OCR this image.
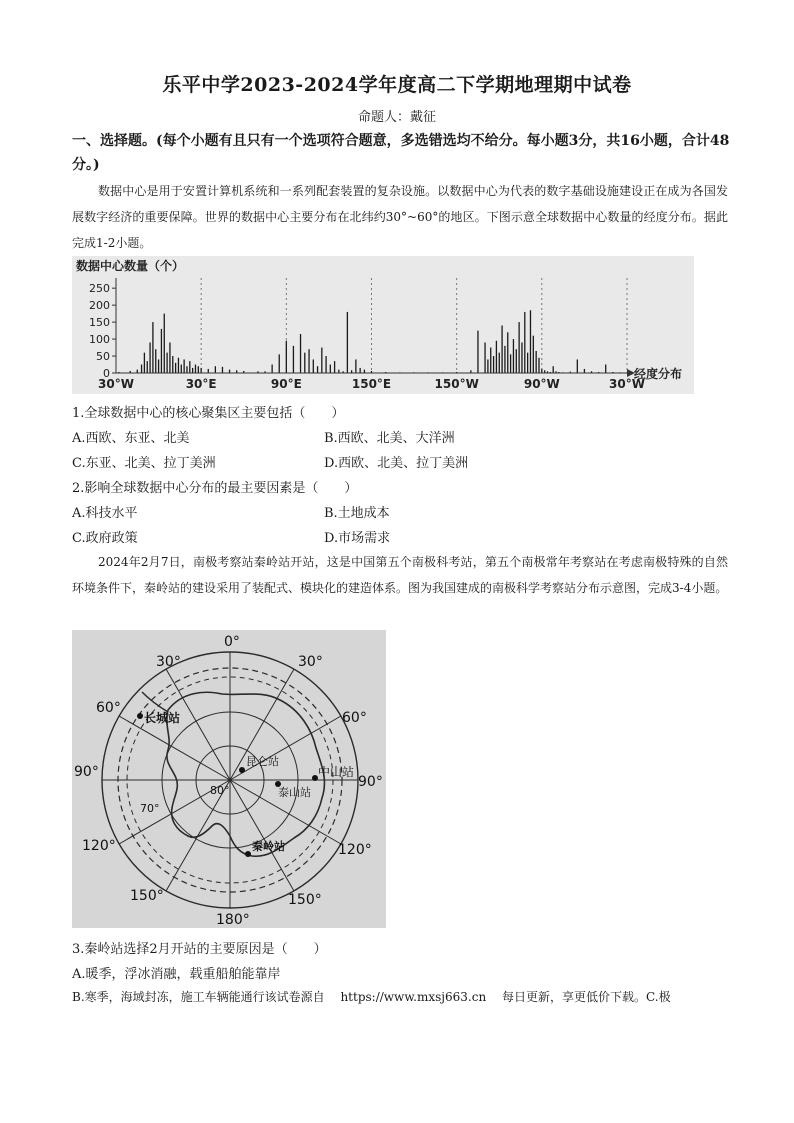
乐平中学2023-2024学年度高二下学期地理期中试卷
命题人：戴征
一、选择题。(每个小题有且只有一个选项符合题意，多选错选均不给分。每小题3分，共16小题，合计48分。)
数据中心是用于安置计算机系统和一系列配套装置的复杂设施。以数据中心为代表的数字基础设施建设正在成为各国发展数字经济的重要保障。世界的数据中心主要分布在北纬约30°~60°的地区。下图示意全球数据中心数量的经度分布。据此完成1-2小题。
数据中心数量（个）
0
50
100
150
200
250
30°W	30°E	90°E	150°E	150°W	90°W	30°W
经度分布
1.全球数据中心的核心聚集区主要包括（　　）
A.西欧、东亚、北美	B.西欧、北美、大洋洲
C.东亚、北美、拉丁美洲	D.西欧、北美、拉丁美洲
2.影响全球数据中心分布的最主要因素是（　　）
A.科技水平	B.土地成本
C.政府政策	D.市场需求
2024年2月7日，南极考察站秦岭站开站，这是中国第五个南极科考站，第五个南极常年考察站在考虑南极特殊的自然环境条件下，秦岭站的建设采用了装配式、模块化的建造体系。图为我国建成的南极科学考察站分布示意图，完成3-4小题。
0°
30°	30°
60°
60°
90°
90°
120°	120°
150°	150°
180°
80°
70°
长城站
昆仑站
中山站
泰山站
秦岭站
3.秦岭站选择2月开站的主要原因是（　　）
A.暖季，浮冰消融，载重船舶能靠岸
B.寒季，海域封冻，施工车辆能通行该试卷源自　 https://www.mxsj663.cn　 每日更新，享更低价下载。C.极
